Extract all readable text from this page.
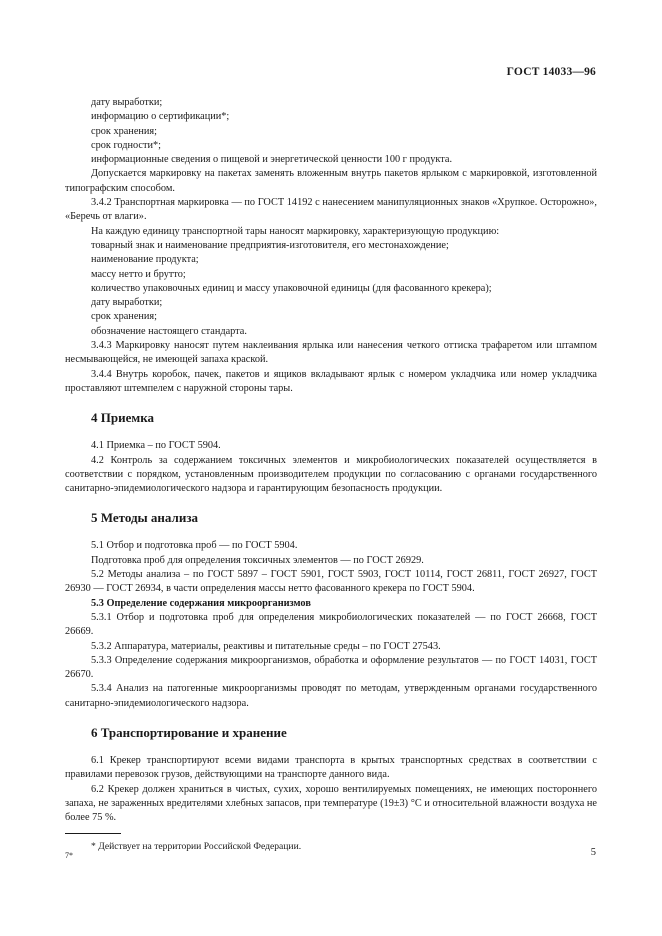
ГОСТ 14033—96

дату выработки;

информацию о сертификации*;

срок хранения;

срок годности*;

информационные сведения о пищевой и энергетической ценности 100 г продукта.

Допускается маркировку на пакетах заменять вложенным внутрь пакетов ярлыком с маркировкой, изготовленной типографским способом.

3.4.2 Транспортная маркировка — по ГОСТ 14192 с нанесением манипуляционных знаков «Хрупкое. Осторожно», «Беречь от влаги».

На каждую единицу транспортной тары наносят маркировку, характеризующую продукцию:

товарный знак и наименование предприятия-изготовителя, его местонахождение;

наименование продукта;

массу нетто и брутто;

количество упаковочных единиц и массу упаковочной единицы (для фасованного крекера);

дату выработки;

срок хранения;

обозначение настоящего стандарта.

3.4.3 Маркировку наносят путем наклеивания ярлыка или нанесения четкого оттиска трафаретом или штампом несмывающейся, не имеющей запаха краской.

3.4.4 Внутрь коробок, пачек, пакетов и ящиков вкладывают ярлык с номером укладчика или номер укладчика проставляют штемпелем с наружной стороны тары.

4 Приемка

4.1 Приемка – по ГОСТ 5904.

4.2 Контроль за содержанием токсичных элементов и микробиологических показателей осуществляется в соответствии с порядком, установленным производителем продукции по согласованию с органами государственного санитарно-эпидемиологического надзора и гарантирующим безопасность продукции.

5 Методы анализа

5.1 Отбор и подготовка проб — по ГОСТ 5904.

Подготовка проб для определения токсичных элементов — по ГОСТ 26929.

5.2 Методы анализа – по ГОСТ 5897 – ГОСТ 5901, ГОСТ 5903, ГОСТ 10114, ГОСТ 26811, ГОСТ 26927, ГОСТ 26930 — ГОСТ 26934, в части определения массы нетто фасованного крекера по ГОСТ 5904.

5.3 Определение содержания микроорганизмов

5.3.1 Отбор и подготовка проб для определения микробиологических показателей — по ГОСТ 26668, ГОСТ 26669.

5.3.2 Аппаратура, материалы, реактивы и питательные среды – по ГОСТ 27543.

5.3.3 Определение содержания микроорганизмов, обработка и оформление результатов — по ГОСТ 14031, ГОСТ 26670.

5.3.4 Анализ на патогенные микроорганизмы проводят по методам, утвержденным органами государственного санитарно-эпидемиологического надзора.

6 Транспортирование и хранение

6.1 Крекер транспортируют всеми видами транспорта в крытых транспортных средствах в соответствии с правилами перевозок грузов, действующими на транспорте данного вида.

6.2 Крекер должен храниться в чистых, сухих, хорошо вентилируемых помещениях, не имеющих постороннего запаха, не зараженных вредителями хлебных запасов, при температуре (19±3) °С и относительной влажности воздуха не более 75 %.

* Действует на территории Российской Федерации.

7*	5
